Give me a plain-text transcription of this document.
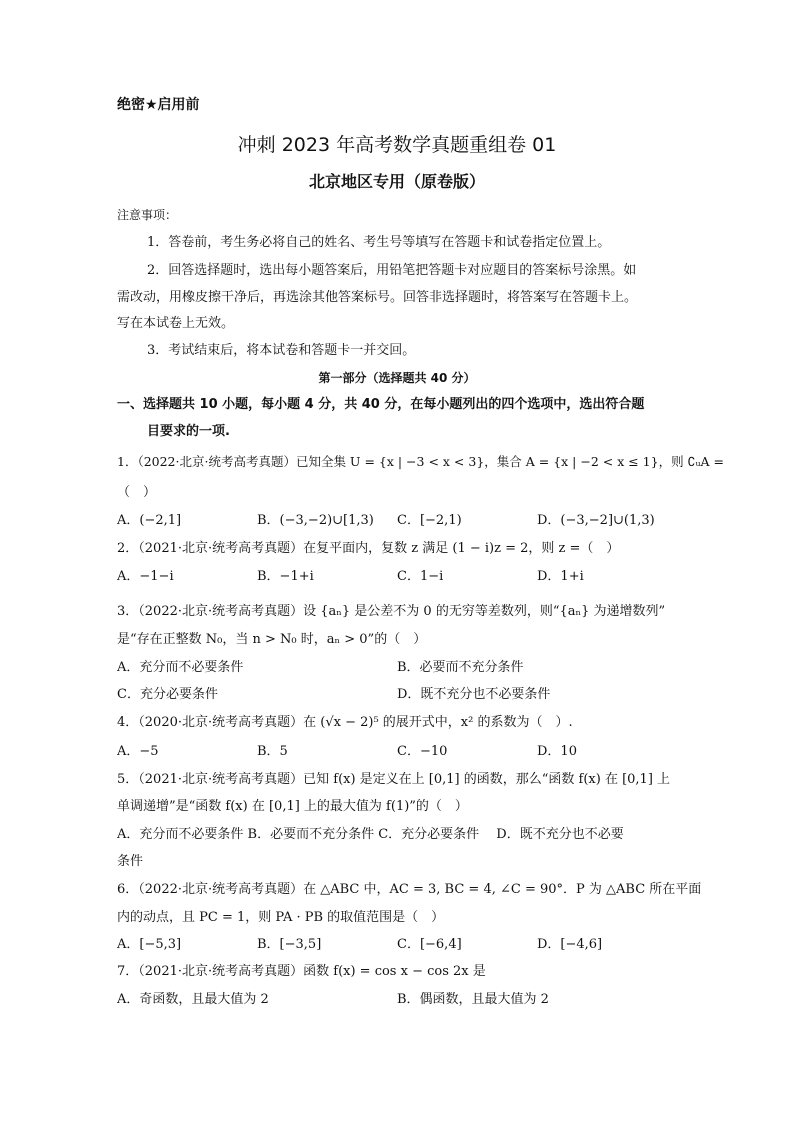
绝密★启用前
冲刺 2023 年高考数学真题重组卷 01
北京地区专用（原卷版）
注意事项：
1．答卷前，考生务必将自己的姓名、考生号等填写在答题卡和试卷指定位置上。
2．回答选择题时，选出每小题答案后，用铅笔把答题卡对应题目的答案标号涂黑。如
需改动，用橡皮擦干净后，再选涂其他答案标号。回答非选择题时，将答案写在答题卡上。
写在本试卷上无效。
3．考试结束后，将本试卷和答题卡一并交回。
第一部分（选择题共 40 分）
一、选择题共 10 小题，每小题 4 分，共 40 分，在每小题列出的四个选项中，选出符合题
目要求的一项.
1．（2022·北京·统考高考真题）已知全集 U = {x | −3 < x < 3}，集合 A = {x | −2 < x ≤ 1}，则 ∁ᵤA =
（　）
A．(−2,1]	B．(−3,−2)∪[1,3) C．[−2,1)	D．(−3,−2]∪(1,3)
2．（2021·北京·统考高考真题）在复平面内，复数 z 满足 (1 − i)z = 2，则 z =（　）
A．−1−i	B．−1+i	C．1−i	D．1+i
3．（2022·北京·统考高考真题）设 {aₙ} 是公差不为 0 的无穷等差数列，则“{aₙ} 为递增数列”
是“存在正整数 N₀，当 n > N₀ 时，aₙ > 0”的（　）
A．充分而不必要条件	B．必要而不充分条件
C．充分必要条件	D．既不充分也不必要条件
4．（2020·北京·统考高考真题）在 (√x − 2)⁵ 的展开式中，x² 的系数为（　）.
A．−5	B．5	C．−10	D．10
5．（2021·北京·统考高考真题）已知 f(x) 是定义在上 [0,1] 的函数，那么“函数 f(x) 在 [0,1] 上
单调递增”是“函数 f(x) 在 [0,1] 上的最大值为 f(1)”的（　）
A．充分而不必要条件 B．必要而不充分条件 C．充分必要条件　 D．既不充分也不必要
条件
6．（2022·北京·统考高考真题）在 △ABC 中，AC = 3, BC = 4, ∠C = 90°．P 为 △ABC 所在平面
内的动点，且 PC = 1，则 PA · PB 的取值范围是（　）
A．[−5,3]	B．[−3,5]	C．[−6,4]	D．[−4,6]
7．（2021·北京·统考高考真题）函数 f(x) = cos x − cos 2x 是
A．奇函数，且最大值为 2	B．偶函数，且最大值为 2
